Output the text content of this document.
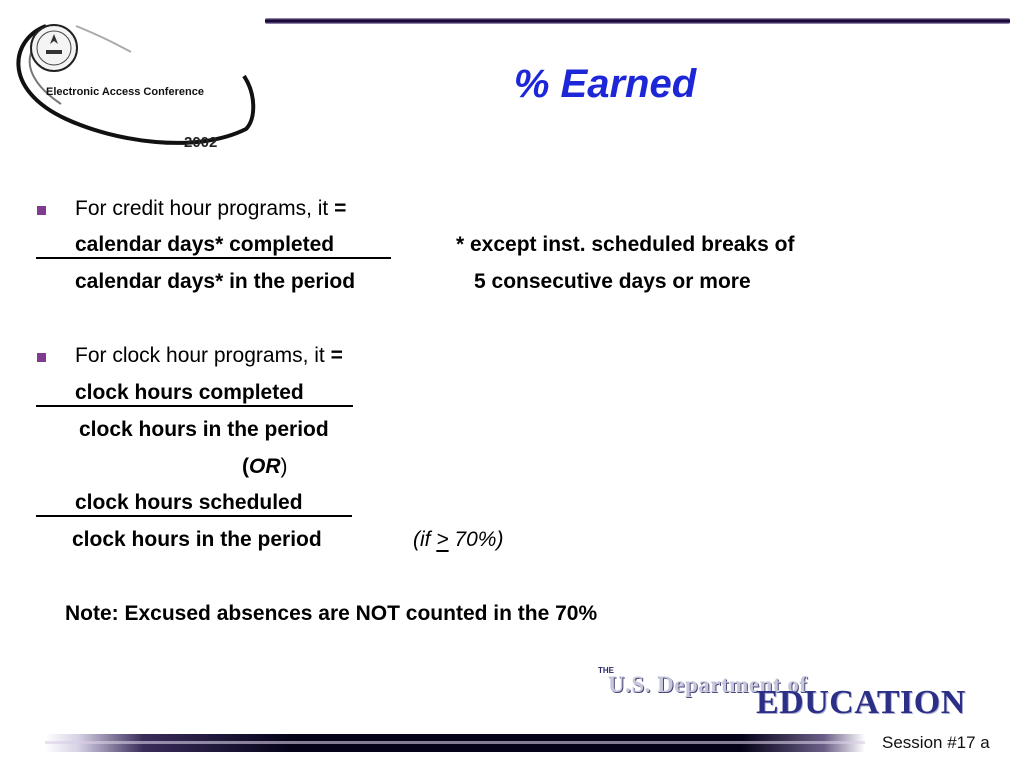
Electronic Access Conference
2002
% Earned
For credit hour programs, it =
calendar days* completed	* except inst. scheduled breaks of
calendar days* in the period	5 consecutive days or more
For clock hour programs, it =
clock hours completed
clock hours in the period
(OR)
clock hours scheduled
clock hours in the period	(if > 70%)
Note: Excused absences are NOT counted in the 70%
THE
U.S. Department of
EDUCATION
Session #17 a
